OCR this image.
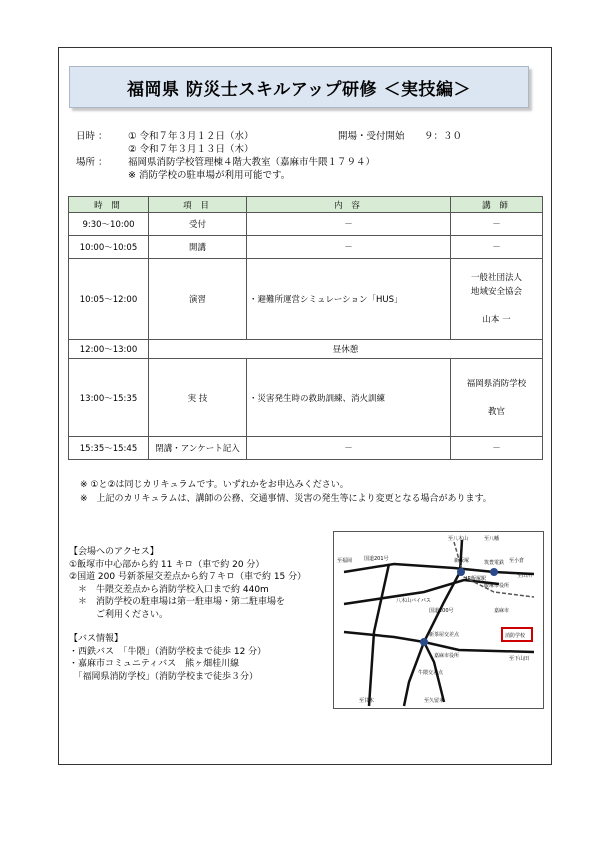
福岡県 防災士スキルアップ研修 ＜実技編＞
日時 ： ① 令和７年３月１２日（水）	開場・受付開始 ９：３０
② 令和７年３月１３日（木）
場所 ： 福岡県消防学校管理棟４階大教室（嘉麻市牛隈１７９４）
※ 消防学校の駐車場が利用可能です。
時 間	項 目	内 容	講 師
9:30～10:00	受付	－	－
10:00～10:05	開講	－	－
10:05～12:00	演習	・避難所運営シミュレーション「HUS」	一般社団法人
地域安全協会
山本 一

12:00～13:00	昼休憩		
13:00～15:35	実 技	・災害発生時の救助訓練、消火訓練	福岡県消防学校
教官

15:35～15:45	閉講・アンケート記入	－	－
※ ①と②は同じカリキュラムです。いずれかをお申込みください。
※　上記のカリキュラムは、講師の公務、交通事情、災害の発生等により変更となる場合があります。
【会場へのアクセス】
①飯塚市中心部から約 11 キロ（車で約 20 分）
②国道 200 号新茶屋交差点から約７キロ（車で約 15 分）
　＊　牛隈交差点から消防学校入口まで約 440m
　＊　消防学校の駐車場は第一駐車場・第二駐車場を
　　　ご利用ください。
【バス情報】
・西鉄バス　「牛隈」（消防学校まで徒歩 12 分）
・嘉麻市コミュニティバス　熊ヶ畑桂川線
　「福岡県消防学校」（消防学校まで徒歩３分）
至八木山	至八幡
至福岡	筑豊電鉄
新飯塚
飯塚市役所
JR飯塚駅
嘉麻市
新茶屋交差点	消防学校
牛隈交差点
至甘木
至小倉
至田川
八木山バイパス
国道201号
国道200号
嘉麻市役所	至下山田
至久留米
